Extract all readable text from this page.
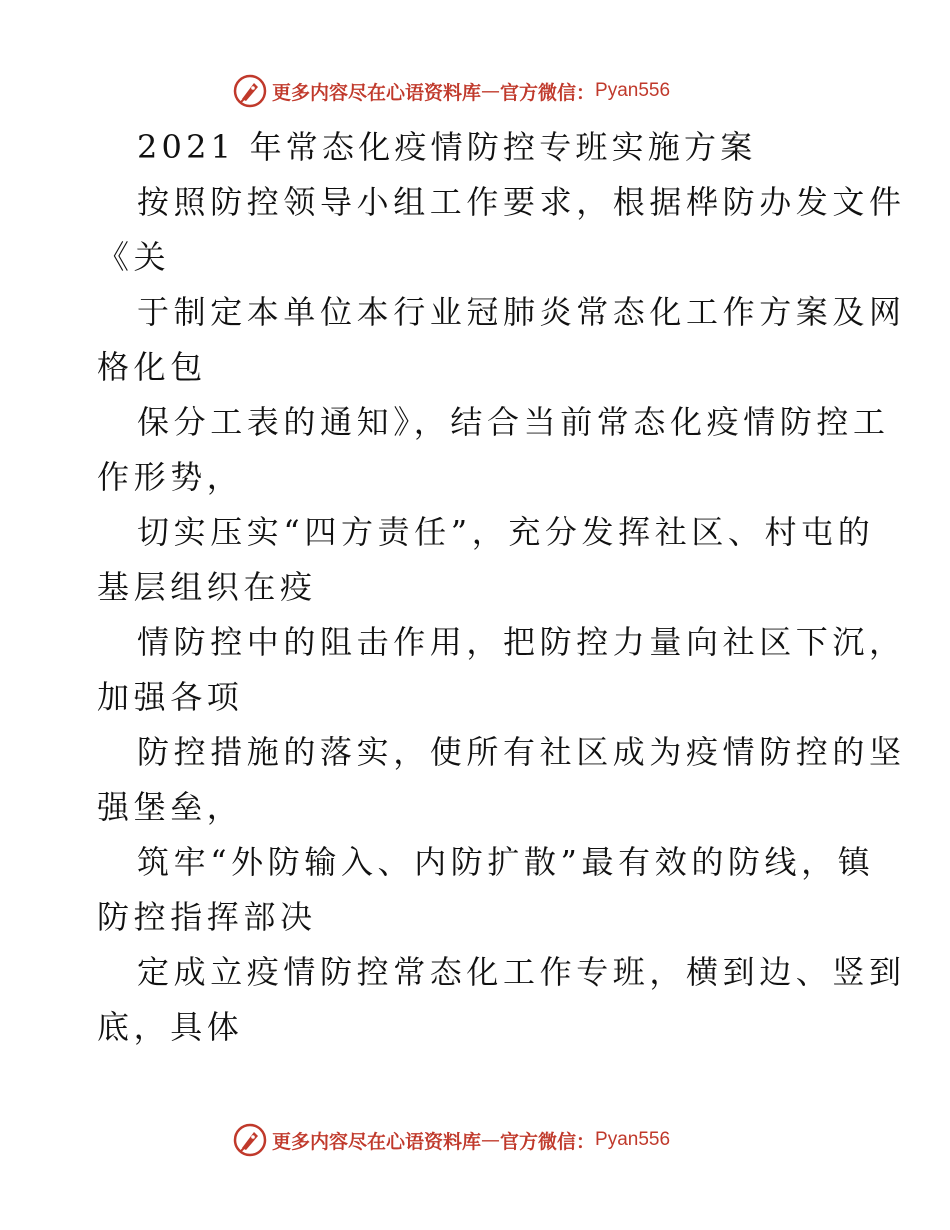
更多内容尽在心语资料库 — 官方微信： Pyan556
2021 年常态化疫情防控专班实施方案
按照防控领导小组工作要求，根据桦防办发文件
《关
于制定本单位本行业冠肺炎常态化工作方案及网
格化包
保分工表的通知》，结合当前常态化疫情防控工
作形势，
切实压实“四方责任”，充分发挥社区、村屯的
基层组织在疫
情防控中的阻击作用，把防控力量向社区下沉，
加强各项
防控措施的落实，使所有社区成为疫情防控的坚
强堡垒，
筑牢“外防输入、内防扩散”最有效的防线，镇
防控指挥部决
定成立疫情防控常态化工作专班，横到边、竖到
底，具体
更多内容尽在心语资料库 — 官方微信： Pyan556
